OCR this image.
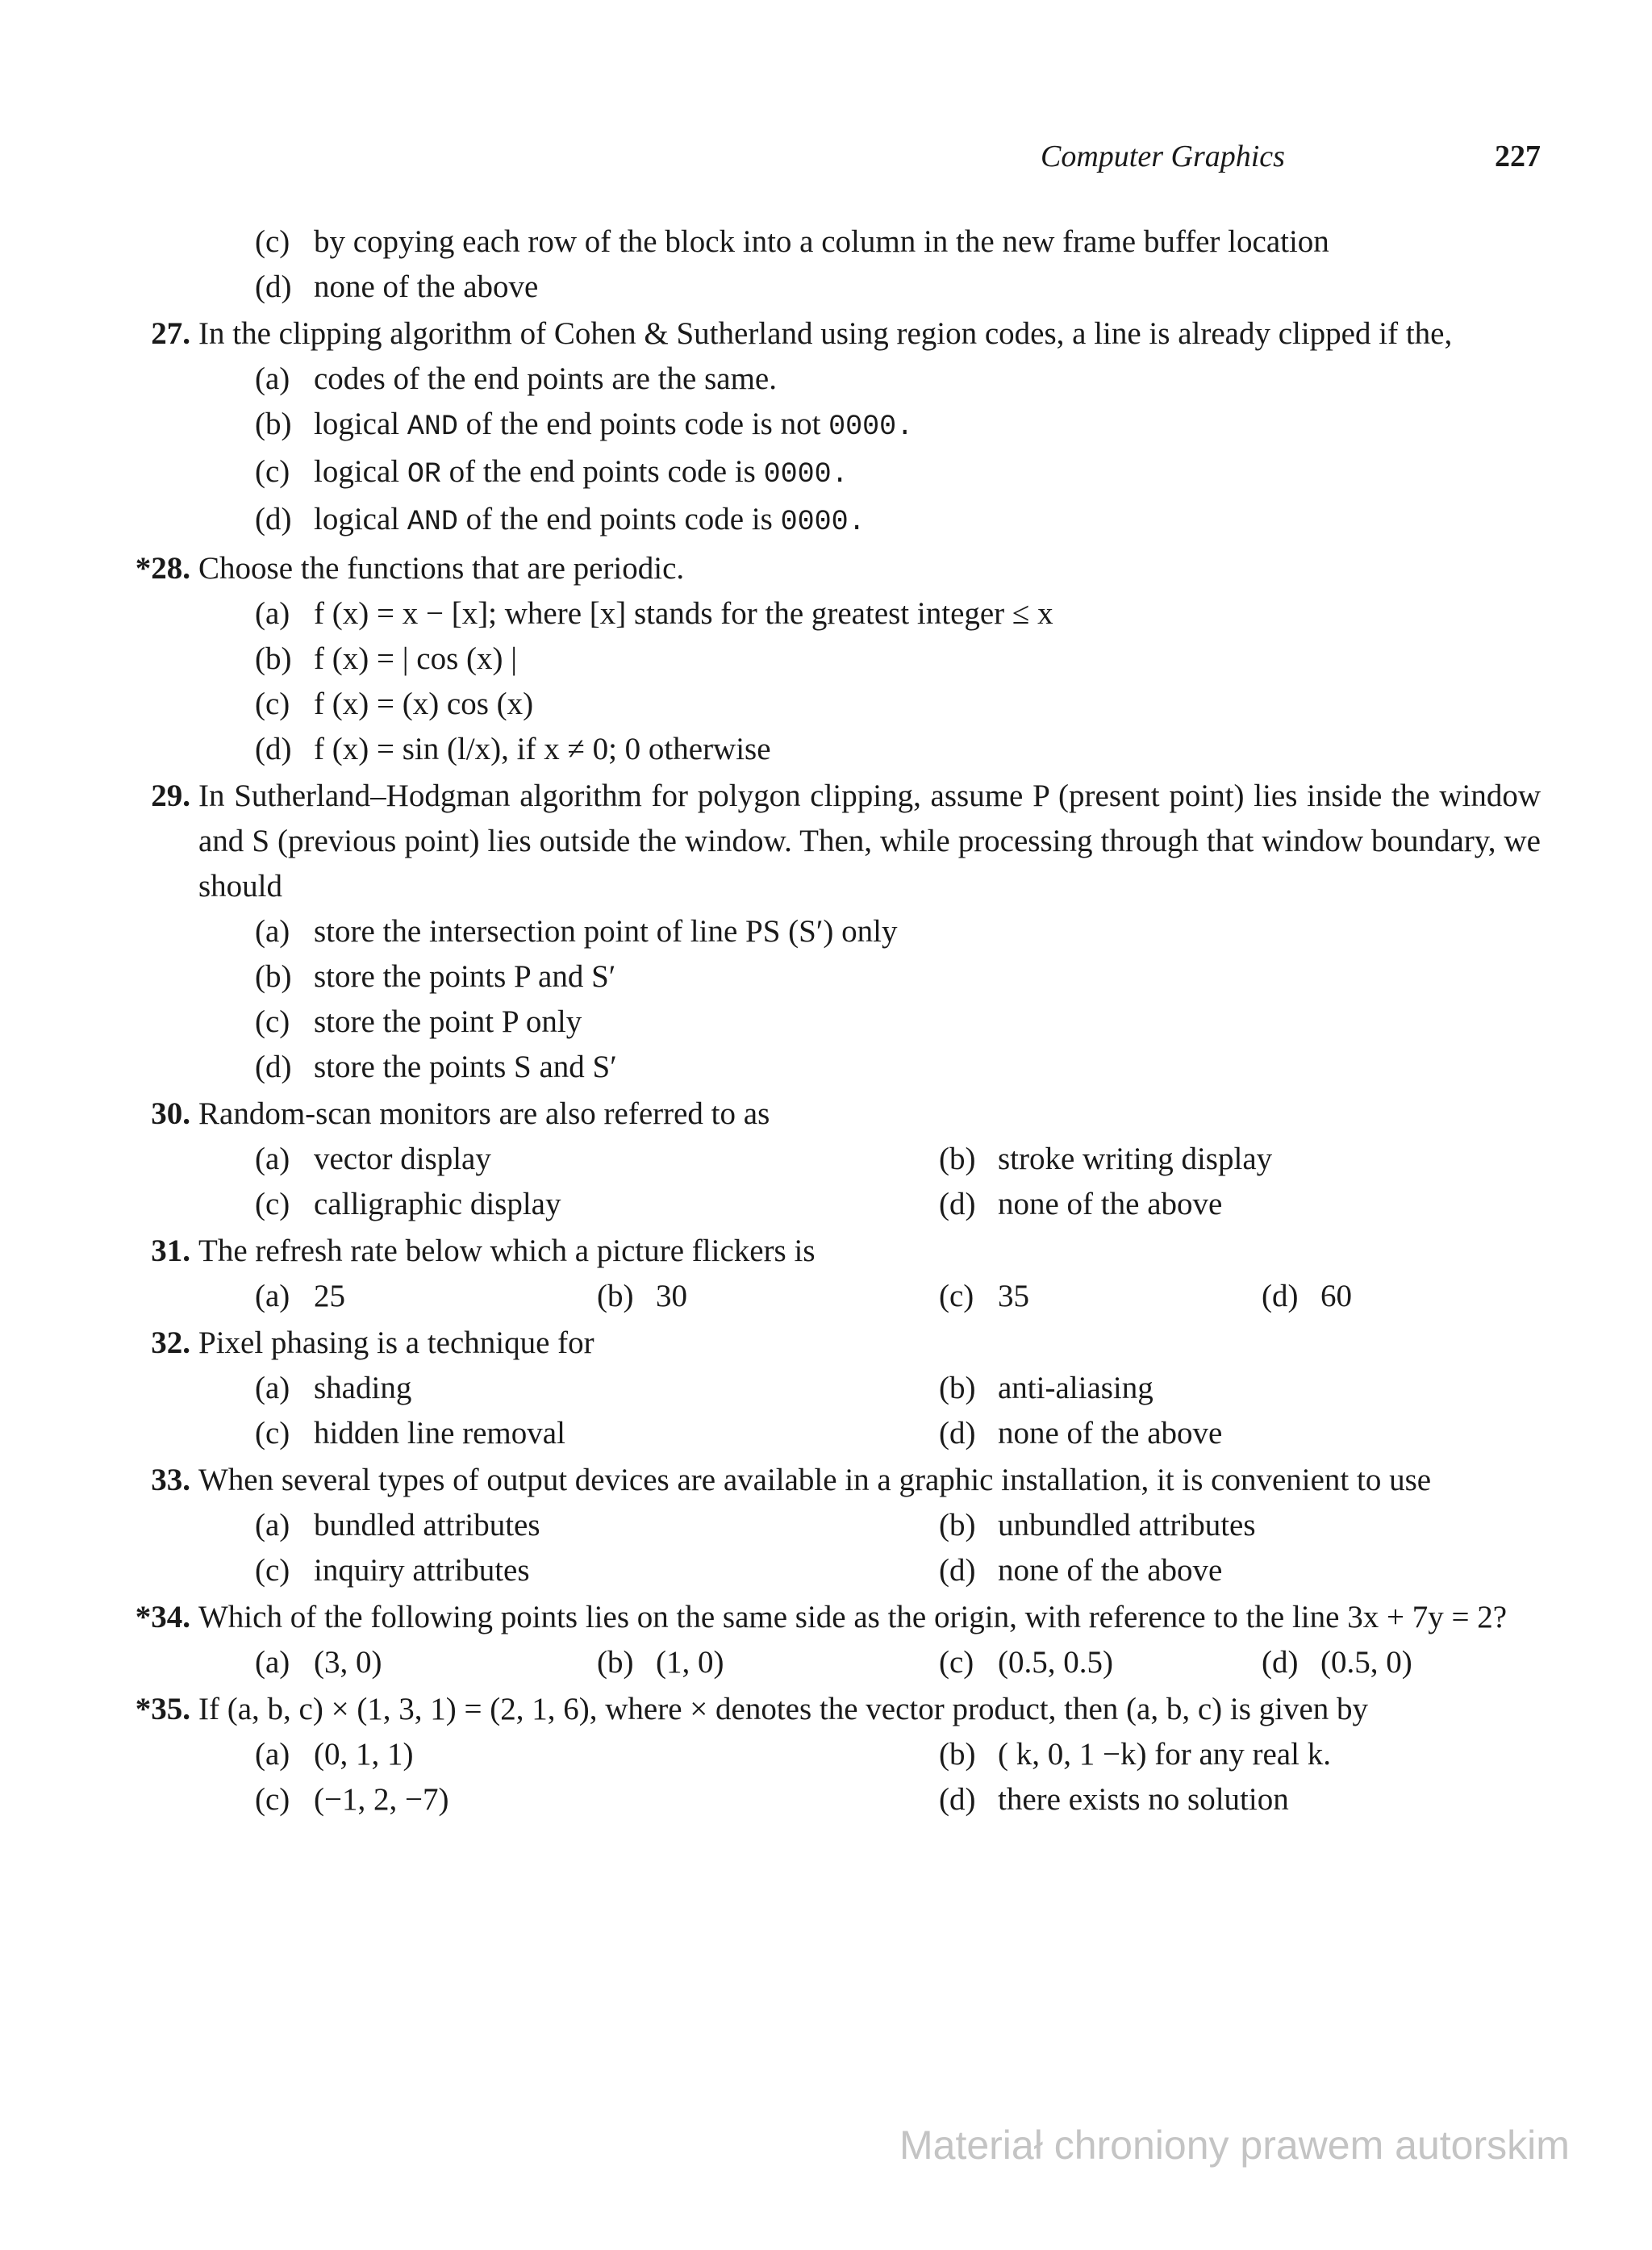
Computer Graphics	227
(c) by copying each row of the block into a column in the new frame buffer location
(d) none of the above
27. In the clipping algorithm of Cohen & Sutherland using region codes, a line is already clipped if the,
(a) codes of the end points are the same.
(b) logical AND of the end points code is not 0000.
(c) logical OR of the end points code is 0000.
(d) logical AND of the end points code is 0000.
*28. Choose the functions that are periodic.
(a) f (x) = x − [x]; where [x] stands for the greatest integer ≤ x
(b) f (x) = | cos (x) |
(c) f (x) = (x) cos (x)
(d) f (x) = sin (l/x), if x ≠ 0; 0 otherwise
29. In Sutherland–Hodgman algorithm for polygon clipping, assume P (present point) lies inside the window and S (previous point) lies outside the window. Then, while processing through that window boundary, we should
(a) store the intersection point of line PS (S′) only
(b) store the points P and S′
(c) store the point P only
(d) store the points S and S′
30. Random-scan monitors are also referred to as
(a) vector display	(b) stroke writing display
(c) calligraphic display	(d) none of the above
31. The refresh rate below which a picture flickers is
(a) 25	(b) 30	(c) 35	(d) 60
32. Pixel phasing is a technique for
(a) shading	(b) anti-aliasing
(c) hidden line removal	(d) none of the above
33. When several types of output devices are available in a graphic installation, it is convenient to use
(a) bundled attributes	(b) unbundled attributes
(c) inquiry attributes	(d) none of the above
*34. Which of the following points lies on the same side as the origin, with reference to the line 3x + 7y = 2?
(a) (3, 0)	(b) (1, 0)	(c) (0.5, 0.5)	(d) (0.5, 0)
*35. If (a, b, c) × (1, 3, 1) = (2, 1, 6), where × denotes the vector product, then (a, b, c) is given by
(a) (0, 1, 1)	(b) ( k, 0, 1 −k) for any real k.
(c) (−1, 2, −7)	(d) there exists no solution
Materiał chroniony prawem autorskim
